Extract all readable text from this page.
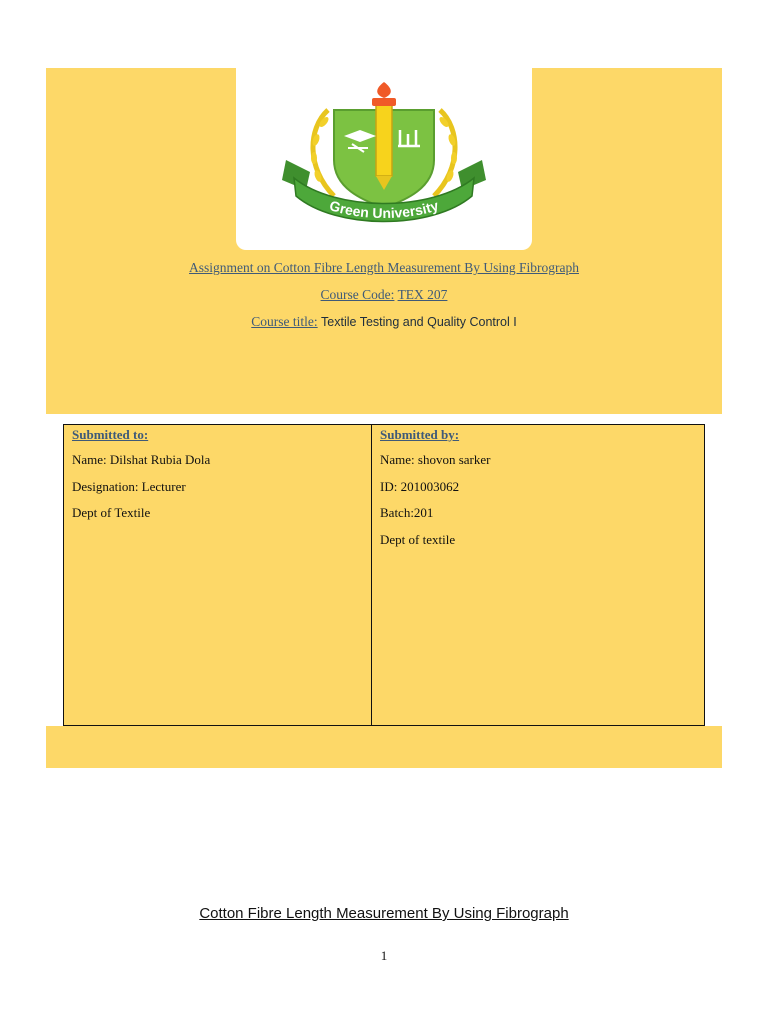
Green University
Assignment on Cotton Fibre Length Measurement By Using Fibrograph
Course Code: TEX 207
Course title: Textile Testing and Quality Control I
Submitted to:
Name: Dilshat Rubia Dola
Designation: Lecturer
Dept of Textile
Submitted by:
Name: shovon sarker
ID: 201003062
Batch:201
Dept of textile
Cotton Fibre Length Measurement By Using Fibrograph
1
